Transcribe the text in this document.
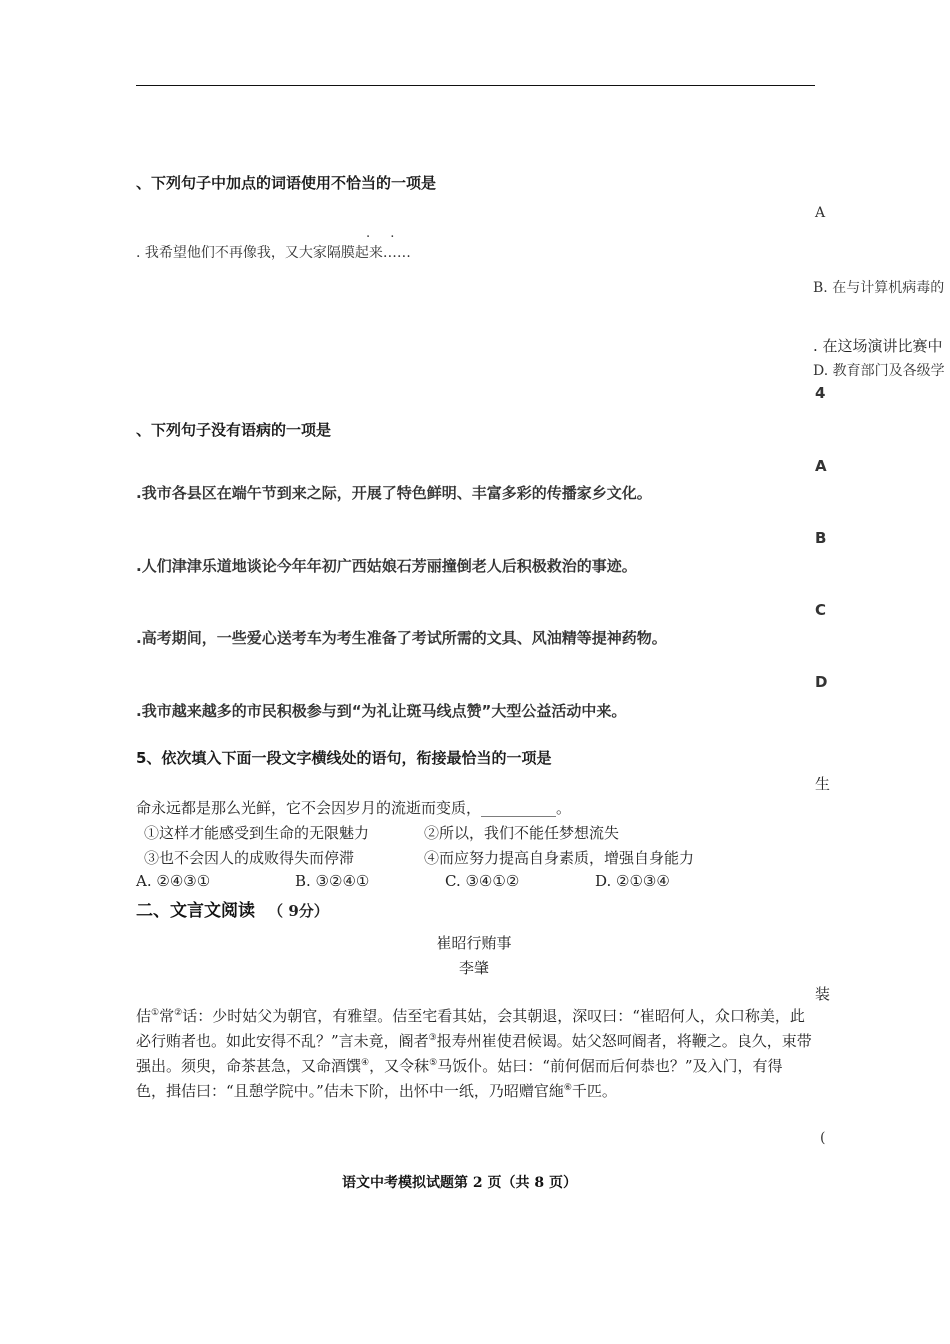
、下列句子中加点的词语使用不恰当的一项是
A
. .
. 我希望他们不再像我，又大家隔膜起来……
B. 在与计算机病毒的
. 在这场演讲比赛中
D. 教育部门及各级学
4
、下列句子没有语病的一项是
A
.我市各县区在端午节到来之际，开展了特色鲜明、丰富多彩的传播家乡文化。
B
.人们津津乐道地谈论今年年初广西姑娘石芳丽撞倒老人后积极救治的事迹。
C
.高考期间，一些爱心送考车为考生准备了考试所需的文具、风油精等提神药物。
D
.我市越来越多的市民积极参与到“为礼让斑马线点赞”大型公益活动中来。
5、依次填入下面一段文字横线处的语句，衔接最恰当的一项是
生
命永远都是那么光鲜，它不会因岁月的流逝而变质，__________。
①这样才能感受到生命的无限魅力	②所以，我们不能任梦想流失
③也不会因人的成败得失而停滞	④而应努力提高自身素质，增强自身能力
A. ②④③①	B. ③②④①	C. ③④①②	D. ②①③④
二、文言文阅读 （ 9分）
崔昭行贿事
李肇
装
佶①常②话：少时姑父为朝官，有雅望。佶至宅看其姑，会其朝退，深叹曰：“崔昭何人，众口称美，此必行贿者也。如此安得不乱？”言未竟，阍者③报寿州崔使君候谒。姑父怒呵阍者，将鞭之。良久，束带强出。须臾，命茶甚急，又命酒馔④，又令秣⑤马饭仆。姑曰：“前何倨而后何恭也？”及入门，有得色，揖佶曰：“且憩学院中。”佶未下阶，出怀中一纸，乃昭赠官絁⑥千匹。
(
语文中考模拟试题第 2 页（共 8 页）
